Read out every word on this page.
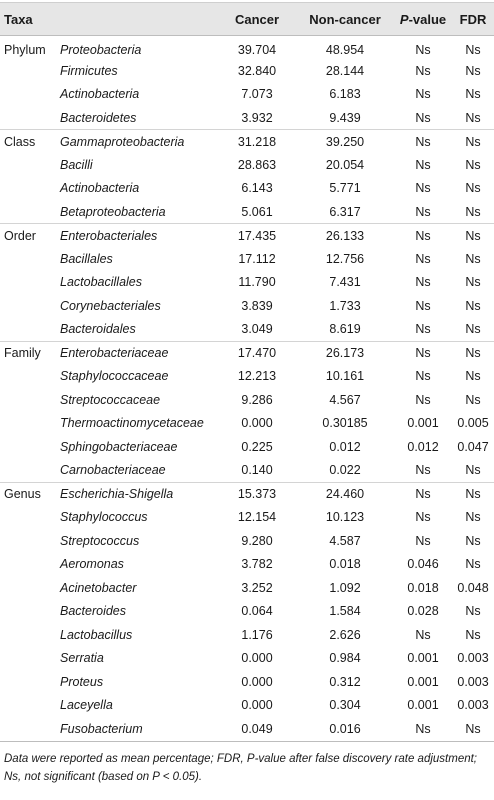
Taxa		Cancer	Non-cancer	P-value	FDR
Phylum	Proteobacteria	39.704	48.954	Ns	Ns
	Firmicutes	32.840	28.144	Ns	Ns
	Actinobacteria	7.073	6.183	Ns	Ns
	Bacteroidetes	3.932	9.439	Ns	Ns
Class	Gammaproteobacteria	31.218	39.250	Ns	Ns
	Bacilli	28.863	20.054	Ns	Ns
	Actinobacteria	6.143	5.771	Ns	Ns
	Betaproteobacteria	5.061	6.317	Ns	Ns
Order	Enterobacteriales	17.435	26.133	Ns	Ns
	Bacillales	17.112	12.756	Ns	Ns
	Lactobacillales	11.790	7.431	Ns	Ns
	Corynebacteriales	3.839	1.733	Ns	Ns
	Bacteroidales	3.049	8.619	Ns	Ns
Family	Enterobacteriaceae	17.470	26.173	Ns	Ns
	Staphylococcaceae	12.213	10.161	Ns	Ns
	Streptococcaceae	9.286	4.567	Ns	Ns
	Thermoactinomycetaceae	0.000	0.30185	0.001	0.005
	Sphingobacteriaceae	0.225	0.012	0.012	0.047
	Carnobacteriaceae	0.140	0.022	Ns	Ns
Genus	Escherichia-Shigella	15.373	24.460	Ns	Ns
	Staphylococcus	12.154	10.123	Ns	Ns
	Streptococcus	9.280	4.587	Ns	Ns
	Aeromonas	3.782	0.018	0.046	Ns
	Acinetobacter	3.252	1.092	0.018	0.048
	Bacteroides	0.064	1.584	0.028	Ns
	Lactobacillus	1.176	2.626	Ns	Ns
	Serratia	0.000	0.984	0.001	0.003
	Proteus	0.000	0.312	0.001	0.003
	Laceyella	0.000	0.304	0.001	0.003
	Fusobacterium	0.049	0.016	Ns	Ns
Data were reported as mean percentage; FDR, P-value after false discovery rate adjustment; Ns, not significant (based on P < 0.05).
